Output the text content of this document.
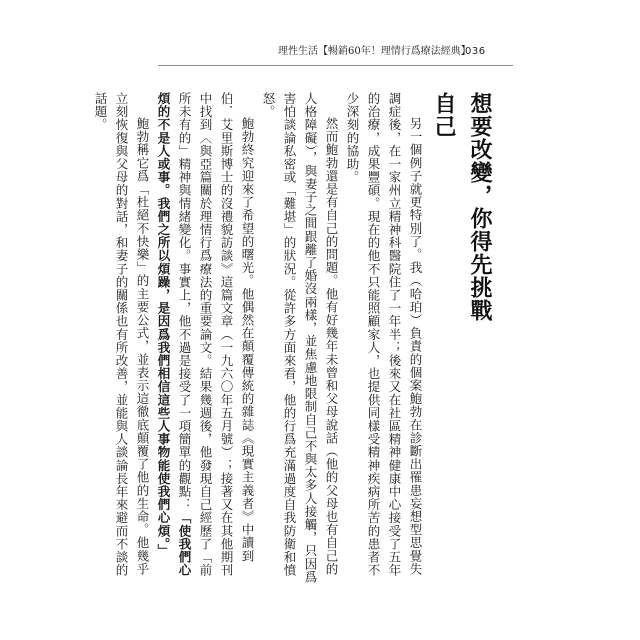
理性生活【暢銷60年！理情行爲療法經典】
036
想要改變，你得先挑戰自己

另一個例子就更特別了。我（哈珀）負責的個案鮑勃在診斷出罹患妄想型思覺失調症後，在一家州立精神科醫院住了一年半；後來又在社區精神健康中心接受了五年的治療，成果豐碩。現在的他不只能照顧家人，也提供同樣受精神疾病所苦的患者不少深刻的協助。

然而鮑勃還是有自己的問題。他有好幾年未曾和父母說話（他的父母也有自己的人格障礙），與妻子之間跟離了婚沒兩樣，並焦慮地限制自己不與太多人接觸，只因爲害怕談論私密或「難堪」的狀況。從許多方面來看，他的行爲充滿過度自我防衛和憤怒。

鮑勃終究迎來了希望的曙光。他偶然在顛覆傳統的雜誌《現實主義者》中讀到伯．艾里斯博士的沒禮貌訪談》這篇文章（一九六〇年五月號）；接著又在其他期刊中找到〈與亞篇關於理情行爲療法的重要論文。結果幾週後，他發現自己經歷了「前所未有的」精神與情緒變化。事實上，他不過是接受了一項簡單的觀點：「使我們心煩的不是人或事。我們之所以煩躁，是因爲我們相信這些人事物能使我們心煩。」

鮑勃稱它爲「杜絕不快樂」的主要公式，並表示這徹底顛覆了他的生命。他幾乎立刻恢復與父母的對話，和妻子的關係也有所改善，並能與人談論長年來避而不談的話題。
